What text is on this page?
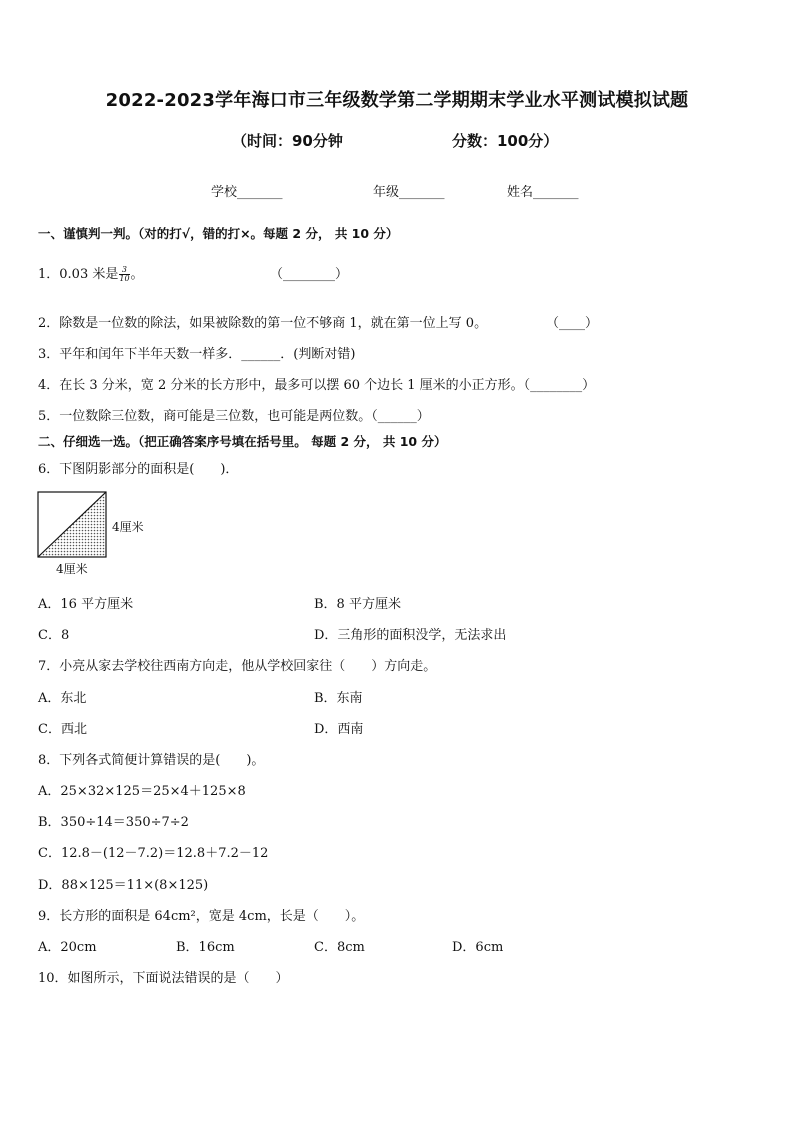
2022-2023学年海口市三年级数学第二学期期末学业水平测试模拟试题
（时间：90分钟	分数：100分）
学校_______	年级_______	姓名_______
一、谨慎判一判。（对的打√，错的打×。每题 2 分， 共 10 分）
1．0.03 米是 $\frac{3}{10}$ 。	（________）
2．除数是一位数的除法，如果被除数的第一位不够商 1，就在第一位上写 0。	（____）
3．平年和闰年下半年天数一样多．______．(判断对错)
4．在长 3 分米，宽 2 分米的长方形中，最多可以摆 60 个边长 1 厘米的小正方形。（________）
5．一位数除三位数，商可能是三位数，也可能是两位数。（______）
二、仔细选一选。（把正确答案序号填在括号里。 每题 2 分， 共 10 分）
6．下图阴影部分的面积是(　　)．
4厘米
4厘米
A．16 平方厘米	B．8 平方厘米
C．8	D．三角形的面积没学，无法求出
7．小亮从家去学校往西南方向走，他从学校回家往（　　）方向走。
A．东北	B．东南
C．西北	D．西南
8．下列各式简便计算错误的是(　　)。
A．25×32×125＝25×4＋125×8
B．350÷14＝350÷7÷2
C．12.8－(12－7.2)＝12.8＋7.2－12
D．88×125＝11×(8×125)
9．长方形的面积是 64cm²，宽是 4cm，长是（　　）。
A．20cm	B．16cm	C．8cm	D．6cm
10．如图所示，下面说法错误的是（　　）
